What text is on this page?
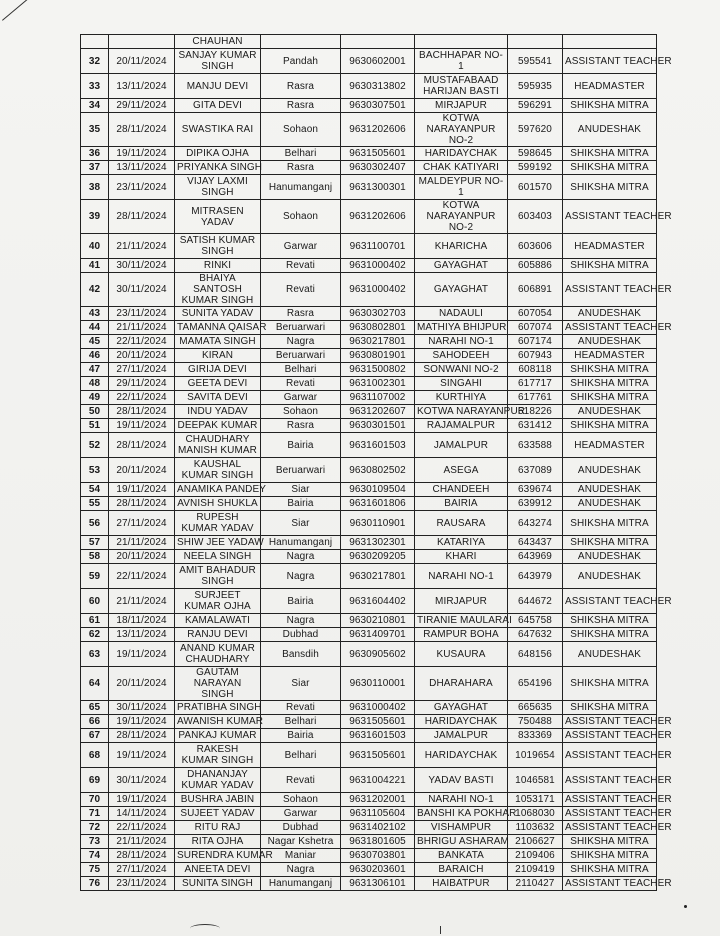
		CHAUHAN					
32	20/11/2024	SANJAY KUMAR SINGH	Pandah	9630602001	BACHHAPAR NO-1	595541	ASSISTANT TEACHER
33	13/11/2024	MANJU DEVI	Rasra	9630313802	MUSTAFABAAD HARIJAN BASTI	595935	HEADMASTER
34	29/11/2024	GITA DEVI	Rasra	9630307501	MIRJAPUR	596291	SHIKSHA MITRA
35	28/11/2024	SWASTIKA RAI	Sohaon	9631202606	KOTWA NARAYANPUR NO-2	597620	ANUDESHAK
36	19/11/2024	DIPIKA OJHA	Belhari	9631505601	HARIDAYCHAK	598645	SHIKSHA MITRA
37	13/11/2024	PRIYANKA SINGH	Rasra	9630302407	CHAK KATIYARI	599192	SHIKSHA MITRA
38	23/11/2024	VIJAY LAXMI SINGH	Hanumanganj	9631300301	MALDEYPUR NO-1	601570	SHIKSHA MITRA
39	28/11/2024	MITRASEN YADAV	Sohaon	9631202606	KOTWA NARAYANPUR NO-2	603403	ASSISTANT TEACHER
40	21/11/2024	SATISH KUMAR SINGH	Garwar	9631100701	KHARICHA	603606	HEADMASTER
41	30/11/2024	RINKI	Revati	9631000402	GAYAGHAT	605886	SHIKSHA MITRA
42	30/11/2024	BHAIYA SANTOSH KUMAR SINGH	Revati	9631000402	GAYAGHAT	606891	ASSISTANT TEACHER
43	23/11/2024	SUNITA YADAV	Rasra	9630302703	NADAULI	607054	ANUDESHAK
44	21/11/2024	TAMANNA QAISAR	Beruarwari	9630802801	MATHIYA BHIJPUR	607074	ASSISTANT TEACHER
45	22/11/2024	MAMATA SINGH	Nagra	9630217801	NARAHI NO-1	607174	ANUDESHAK
46	20/11/2024	KIRAN	Beruarwari	9630801901	SAHODEEH	607943	HEADMASTER
47	27/11/2024	GIRIJA DEVI	Belhari	9631500802	SONWANI NO-2	608118	SHIKSHA MITRA
48	29/11/2024	GEETA DEVI	Revati	9631002301	SINGAHI	617717	SHIKSHA MITRA
49	22/11/2024	SAVITA DEVI	Garwar	9631107002	KURTHIYA	617761	SHIKSHA MITRA
50	28/11/2024	INDU YADAV	Sohaon	9631202607	KOTWA NARAYANPUR	618226	ANUDESHAK
51	19/11/2024	DEEPAK KUMAR	Rasra	9630301501	RAJAMALPUR	631412	SHIKSHA MITRA
52	28/11/2024	CHAUDHARY MANISH KUMAR	Bairia	9631601503	JAMALPUR	633588	HEADMASTER
53	20/11/2024	KAUSHAL KUMAR SINGH	Beruarwari	9630802502	ASEGA	637089	ANUDESHAK
54	19/11/2024	ANAMIKA PANDEY	Siar	9630109504	CHANDEEH	639674	ANUDESHAK
55	28/11/2024	AVNISH SHUKLA	Bairia	9631601806	BAIRIA	639912	ANUDESHAK
56	27/11/2024	RUPESH KUMAR YADAV	Siar	9630110901	RAUSARA	643274	SHIKSHA MITRA
57	21/11/2024	SHIW JEE YADAW	Hanumanganj	9631302301	KATARIYA	643437	SHIKSHA MITRA
58	20/11/2024	NEELA SINGH	Nagra	9630209205	KHARI	643969	ANUDESHAK
59	22/11/2024	AMIT BAHADUR SINGH	Nagra	9630217801	NARAHI NO-1	643979	ANUDESHAK
60	21/11/2024	SURJEET KUMAR OJHA	Bairia	9631604402	MIRJAPUR	644672	ASSISTANT TEACHER
61	18/11/2024	KAMALAWATI	Nagra	9630210801	TIRANIE MAULARAI	645758	SHIKSHA MITRA
62	13/11/2024	RANJU DEVI	Dubhad	9631409701	RAMPUR BOHA	647632	SHIKSHA MITRA
63	19/11/2024	ANAND KUMAR CHAUDHARY	Bansdih	9630905602	KUSAURA	648156	ANUDESHAK
64	20/11/2024	GAUTAM NARAYAN SINGH	Siar	9630110001	DHARAHARA	654196	SHIKSHA MITRA
65	30/11/2024	PRATIBHA SINGH	Revati	9631000402	GAYAGHAT	665635	SHIKSHA MITRA
66	19/11/2024	AWANISH KUMAR	Belhari	9631505601	HARIDAYCHAK	750488	ASSISTANT TEACHER
67	28/11/2024	PANKAJ KUMAR	Bairia	9631601503	JAMALPUR	833369	ASSISTANT TEACHER
68	19/11/2024	RAKESH KUMAR SINGH	Belhari	9631505601	HARIDAYCHAK	1019654	ASSISTANT TEACHER
69	30/11/2024	DHANANJAY KUMAR YADAV	Revati	9631004221	YADAV BASTI	1046581	ASSISTANT TEACHER
70	19/11/2024	BUSHRA JABIN	Sohaon	9631202001	NARAHI NO-1	1053171	ASSISTANT TEACHER
71	14/11/2024	SUJEET YADAV	Garwar	9631105604	BANSHI KA POKHAR	1068030	ASSISTANT TEACHER
72	22/11/2024	RITU RAJ	Dubhad	9631402102	VISHAMPUR	1103632	ASSISTANT TEACHER
73	21/11/2024	RITA OJHA	Nagar Kshetra	9631801605	BHRIGU ASHARAM	2106627	SHIKSHA MITRA
74	28/11/2024	SURENDRA KUMAR	Maniar	9630703801	BANKATA	2109406	SHIKSHA MITRA
75	27/11/2024	ANEETA DEVI	Nagra	9630203601	BARAICH	2109419	SHIKSHA MITRA
76	23/11/2024	SUNITA SINGH	Hanumanganj	9631306101	HAIBATPUR	2110427	ASSISTANT TEACHER
